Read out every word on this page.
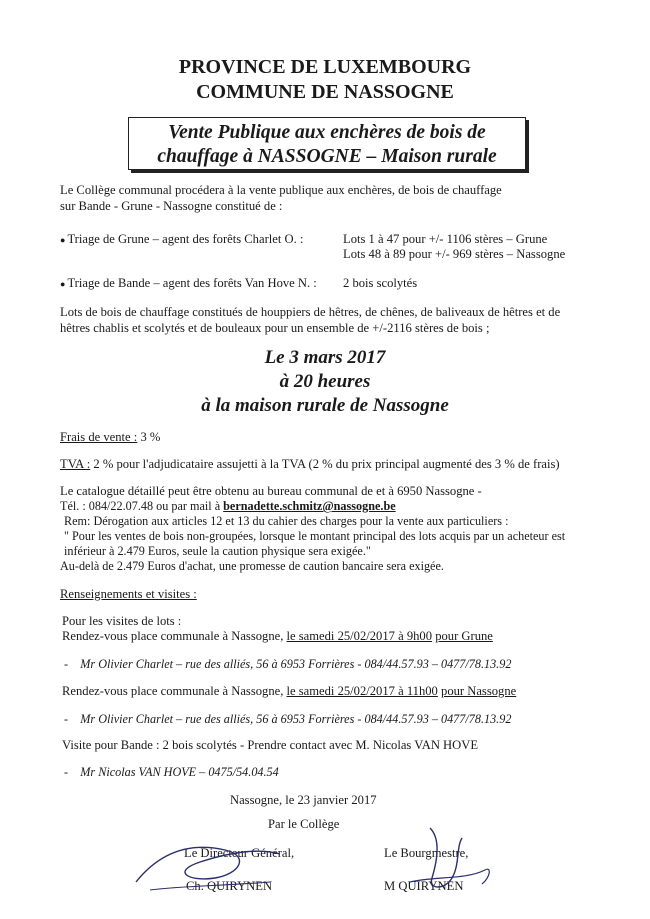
PROVINCE DE LUXEMBOURG
COMMUNE DE NASSOGNE
Vente Publique aux enchères de bois de
chauffage à NASSOGNE – Maison rurale
Le Collège communal procédera à la vente publique aux enchères, de bois de chauffage
sur Bande - Grune - Nassogne constitué de :
● Triage de Grune – agent des forêts Charlet O. :	Lots 1 à 47 pour +/- 1106 stères – Grune
Lots 48 à 89 pour +/- 969 stères – Nassogne
● Triage de Bande – agent des forêts Van Hove N. : 2 bois scolytés
Lots de bois de chauffage constitués de houppiers de hêtres, de chênes, de baliveaux de hêtres et de
hêtres chablis et scolytés et de bouleaux pour un ensemble de +/-2116 stères de bois ;
Le 3 mars 2017
à 20 heures
à la maison rurale de Nassogne
Frais de vente : 3 %
TVA : 2 % pour l'adjudicataire assujetti à la TVA (2 % du prix principal augmenté des 3 % de frais)
Le catalogue détaillé peut être obtenu au bureau communal de et à 6950 Nassogne -
Tél. : 084/22.07.48 ou par mail à bernadette.schmitz@nassogne.be
Rem: Dérogation aux articles 12 et 13 du cahier des charges pour la vente aux particuliers :
" Pour les ventes de bois non-groupées, lorsque le montant principal des lots acquis par un acheteur est
inférieur à 2.479 Euros, seule la caution physique sera exigée."
Au-delà de 2.479 Euros d'achat, une promesse de caution bancaire sera exigée.
Renseignements et visites :
Pour les visites de lots :
Rendez-vous place communale à Nassogne, le samedi 25/02/2017 à 9h00 pour Grune
- Mr Olivier Charlet – rue des alliés, 56 à 6953 Forrières - 084/44.57.93 – 0477/78.13.92
Rendez-vous place communale à Nassogne, le samedi 25/02/2017 à 11h00 pour Nassogne
- Mr Olivier Charlet – rue des alliés, 56 à 6953 Forrières - 084/44.57.93 – 0477/78.13.92
Visite pour Bande : 2 bois scolytés - Prendre contact avec M. Nicolas VAN HOVE
- Mr Nicolas VAN HOVE – 0475/54.04.54
Nassogne, le 23 janvier 2017
Par le Collège
Le Directeur Général,
Ch. QUIRYNEN
Le Bourgmestre,
M QUIRYNEN
